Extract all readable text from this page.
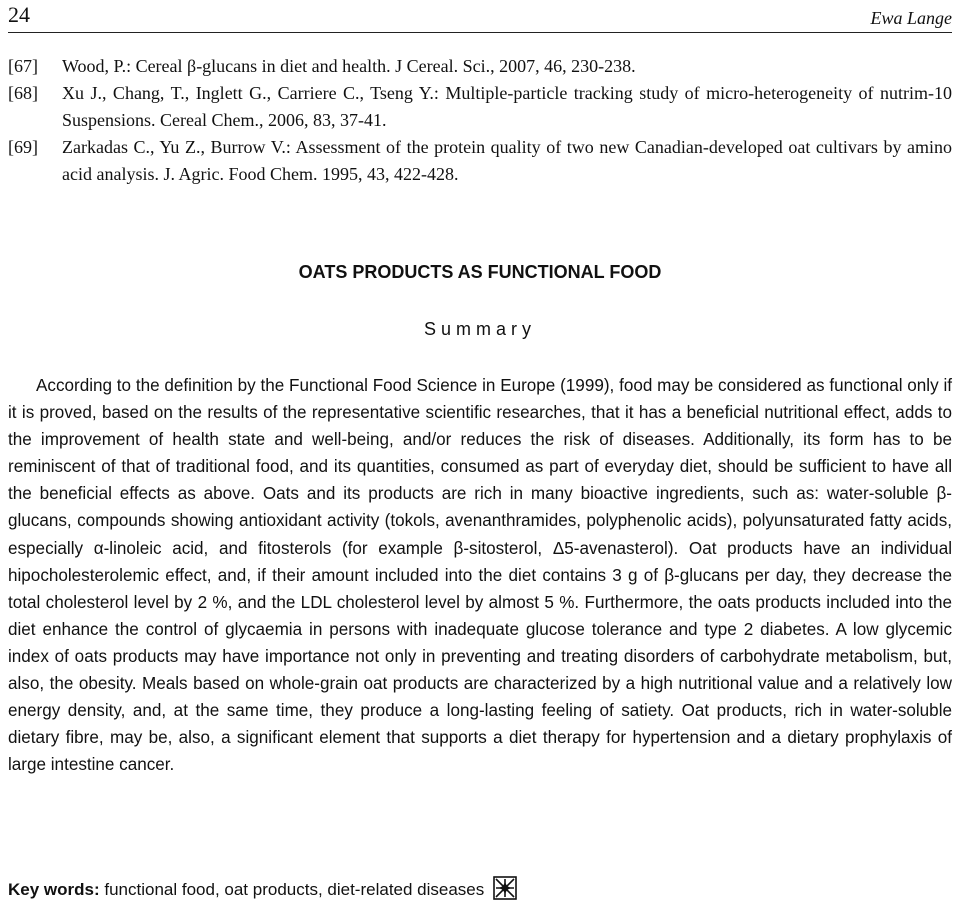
24	Ewa Lange
[67] Wood, P.: Cereal β-glucans in diet and health. J Cereal. Sci., 2007, 46, 230-238.
[68] Xu J., Chang, T., Inglett G., Carriere C., Tseng Y.: Multiple-particle tracking study of micro-heterogeneity of nutrim-10 Suspensions. Cereal Chem., 2006, 83, 37-41.
[69] Zarkadas C., Yu Z., Burrow V.: Assessment of the protein quality of two new Canadian-developed oat cultivars by amino acid analysis. J. Agric. Food Chem. 1995, 43, 422-428.
OATS PRODUCTS AS FUNCTIONAL FOOD
Summary

According to the definition by the Functional Food Science in Europe (1999), food may be considered as functional only if it is proved, based on the results of the representative scientific researches, that it has a beneficial nutritional effect, adds to the improvement of health state and well-being, and/or reduces the risk of diseases. Additionally, its form has to be reminiscent of that of traditional food, and its quantities, consumed as part of everyday diet, should be sufficient to have all the beneficial effects as above. Oats and its products are rich in many bioactive ingredients, such as: water-soluble β-glucans, compounds showing antioxidant activity (tokols, avenanthramides, polyphenolic acids), polyunsaturated fatty acids, especially α-linoleic acid, and fitosterols (for example β-sitosterol, Δ5-avenasterol). Oat products have an individual hipocholesterolemic effect, and, if their amount included into the diet contains 3 g of β-glucans per day, they decrease the total cholesterol level by 2 %, and the LDL cholesterol level by almost 5 %. Furthermore, the oats products included into the diet enhance the control of glycaemia in persons with inadequate glucose tolerance and type 2 diabetes. A low glycemic index of oats products may have importance not only in preventing and treating disorders of carbohydrate metabolism, but, also, the obesity. Meals based on whole-grain oat products are characterized by a high nutritional value and a relatively low energy density, and, at the same time, they produce a long-lasting feeling of satiety. Oat products, rich in water-soluble dietary fibre, may be, also, a significant element that supports a diet therapy for hypertension and a dietary prophylaxis of large intestine cancer.

Key words: functional food, oat products, diet-related diseases
